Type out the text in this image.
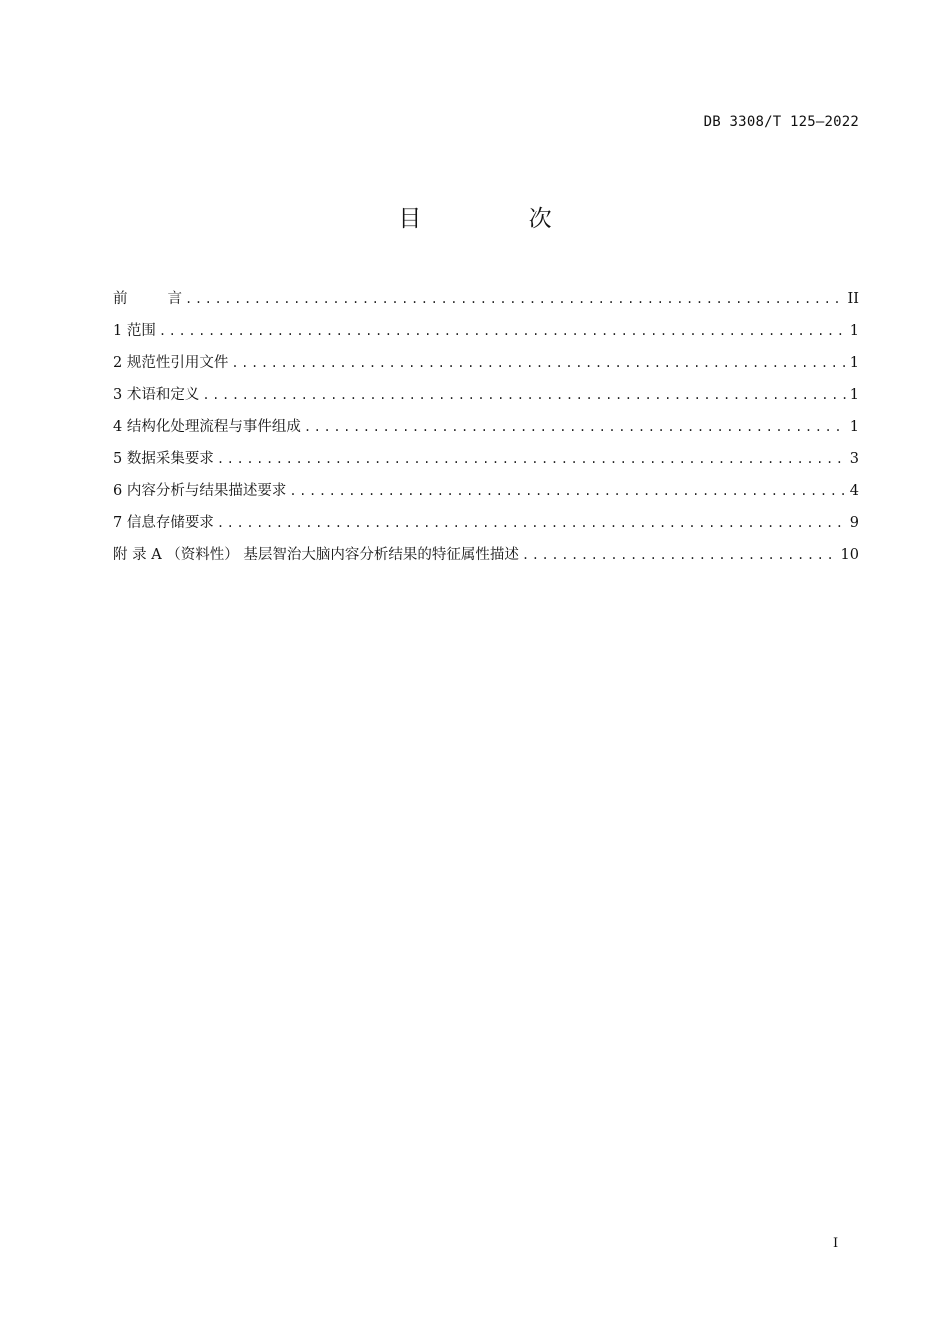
DB 3308/T 125—2022
目 次
前言 .....	II
1 范围 .....	1
2 规范性引用文件 .....	1
3 术语和定义 .....	1
4 结构化处理流程与事件组成 .....	1
5 数据采集要求 .....	3
6 内容分析与结果描述要求 .....	4
7 信息存储要求 .....	9
附 录 A （资料性） 基层智治大脑内容分析结果的特征属性描述 .....	10
I
